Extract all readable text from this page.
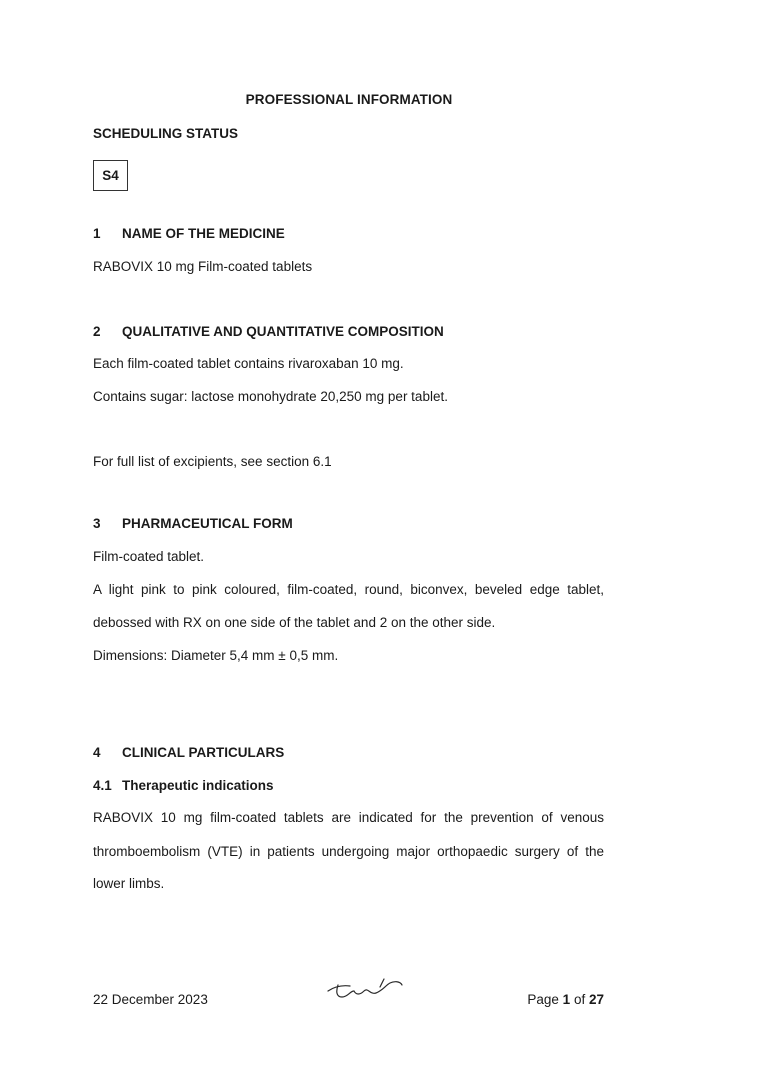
PROFESSIONAL INFORMATION
SCHEDULING STATUS
S4
1 NAME OF THE MEDICINE
RABOVIX 10 mg Film-coated tablets
2 QUALITATIVE AND QUANTITATIVE COMPOSITION
Each film-coated tablet contains rivaroxaban 10 mg.
Contains sugar: lactose monohydrate 20,250 mg per tablet.
For full list of excipients, see section 6.1
3 PHARMACEUTICAL FORM
Film-coated tablet.
A light pink to pink coloured, film-coated, round, biconvex, beveled edge tablet,
debossed with RX on one side of the tablet and 2 on the other side.
Dimensions: Diameter 5,4 mm ± 0,5 mm.
4 CLINICAL PARTICULARS
4.1 Therapeutic indications
RABOVIX 10 mg film-coated tablets are indicated for the prevention of venous
thromboembolism (VTE) in patients undergoing major orthopaedic surgery of the
lower limbs.
22 December 2023	Page 1 of 27
